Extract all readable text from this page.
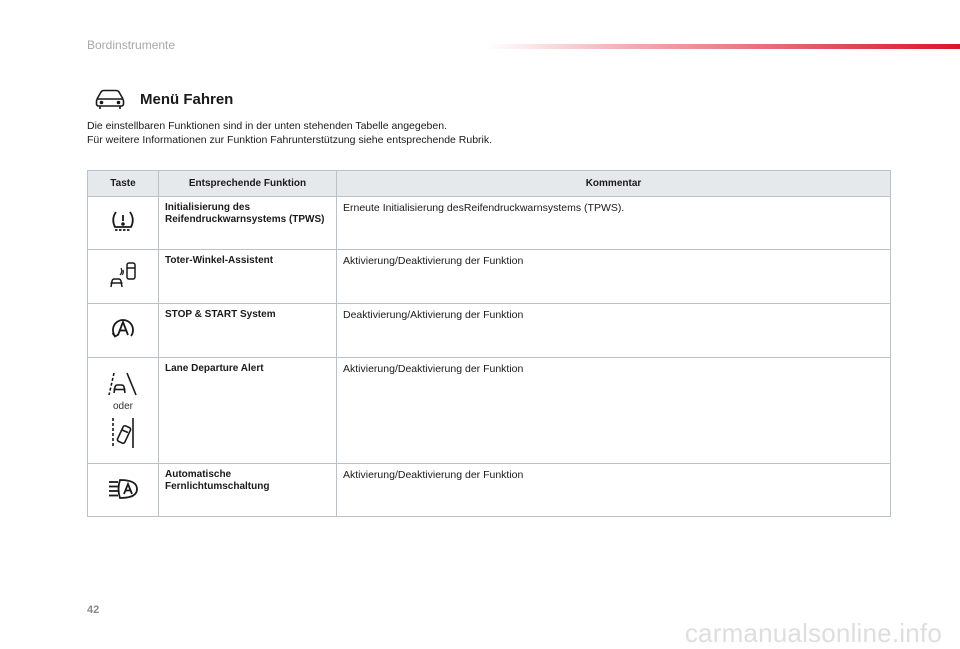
Bordinstrumente
Menü Fahren

Die einstellbaren Funktionen sind in der unten stehenden Tabelle angegeben.

Für weitere Informationen zur Funktion Fahrunterstützung siehe entsprechende Rubrik.

Taste	Entsprechende Funktion	Kommentar
	Initialisierung des Reifendruckwarnsystems (TPWS)	Erneute Initialisierung desReifendruckwarnsystems (TPWS).
	Toter-Winkel-Assistent	Aktivierung/Deaktivierung der Funktion
	STOP & START System	Deaktivierung/Aktivierung der Funktion

oder	Lane Departure Alert	Aktivierung/Deaktivierung der Funktion
	Automatische Fernlichtumschaltung	Aktivierung/Deaktivierung der Funktion
42
carmanualsonline.info
